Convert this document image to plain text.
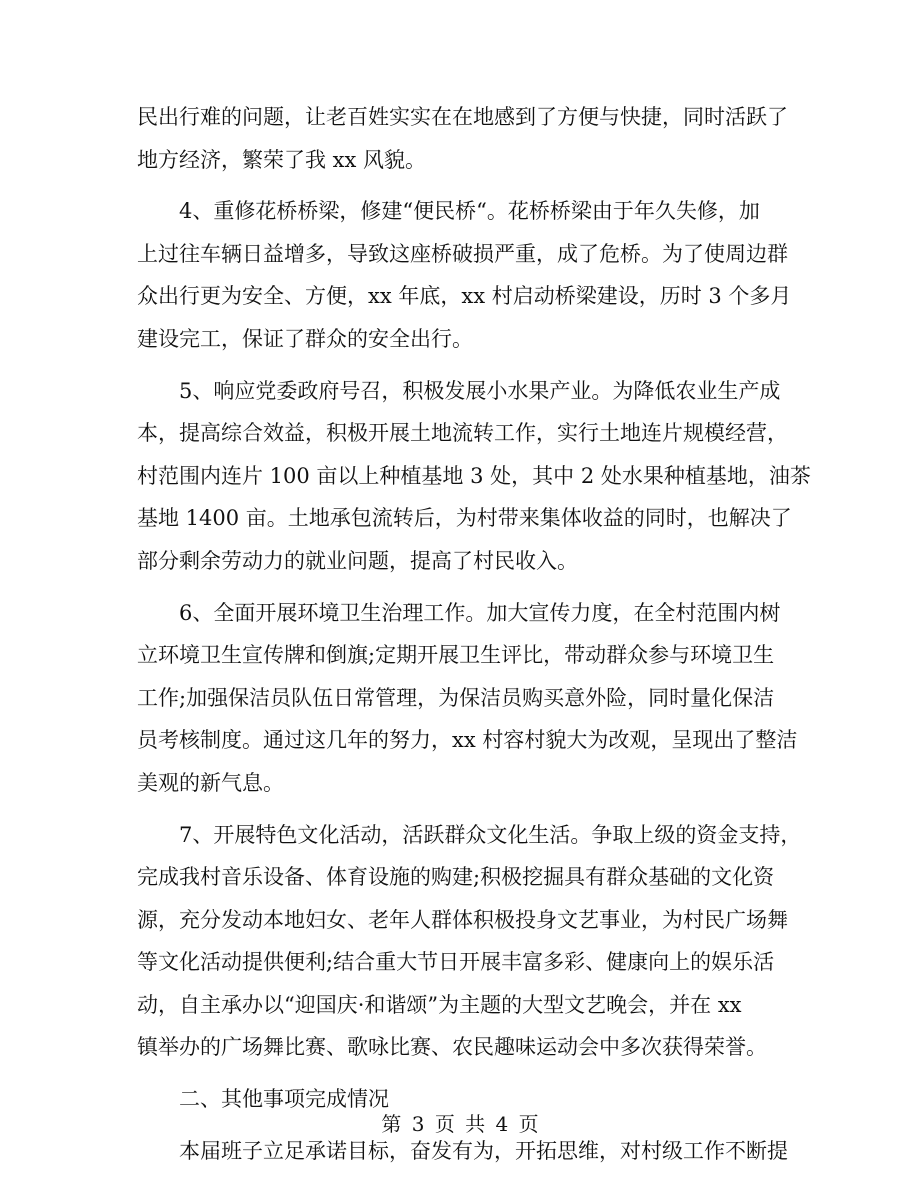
民出行难的问题，让老百姓实实在在地感到了方便与快捷，同时活跃了
地方经济，繁荣了我 xx 风貌。
　　4、重修花桥桥梁，修建“便民桥“。花桥桥梁由于年久失修，加
上过往车辆日益增多，导致这座桥破损严重，成了危桥。为了使周边群
众出行更为安全、方便，xx 年底，xx 村启动桥梁建设，历时 3 个多月
建设完工，保证了群众的安全出行。
　　5、响应党委政府号召，积极发展小水果产业。为降低农业生产成
本，提高综合效益，积极开展土地流转工作，实行土地连片规模经营，
村范围内连片 100 亩以上种植基地 3 处，其中 2 处水果种植基地，油茶
基地 1400 亩。土地承包流转后，为村带来集体收益的同时，也解决了
部分剩余劳动力的就业问题，提高了村民收入。
　　6、全面开展环境卫生治理工作。加大宣传力度，在全村范围内树
立环境卫生宣传牌和倒旗;定期开展卫生评比，带动群众参与环境卫生
工作;加强保洁员队伍日常管理，为保洁员购买意外险，同时量化保洁
员考核制度。通过这几年的努力，xx 村容村貌大为改观，呈现出了整洁
美观的新气息。
　　7、开展特色文化活动，活跃群众文化生活。争取上级的资金支持，
完成我村音乐设备、体育设施的购建;积极挖掘具有群众基础的文化资
源，充分发动本地妇女、老年人群体积极投身文艺事业，为村民广场舞
等文化活动提供便利;结合重大节日开展丰富多彩、健康向上的娱乐活
动，自主承办以“迎国庆·和谐颂”为主题的大型文艺晚会，并在 xx
镇举办的广场舞比赛、歌咏比赛、农民趣味运动会中多次获得荣誉。
　　二、其他事项完成情况
　　本届班子立足承诺目标，奋发有为，开拓思维，对村级工作不断提
第 3 页 共 4 页
